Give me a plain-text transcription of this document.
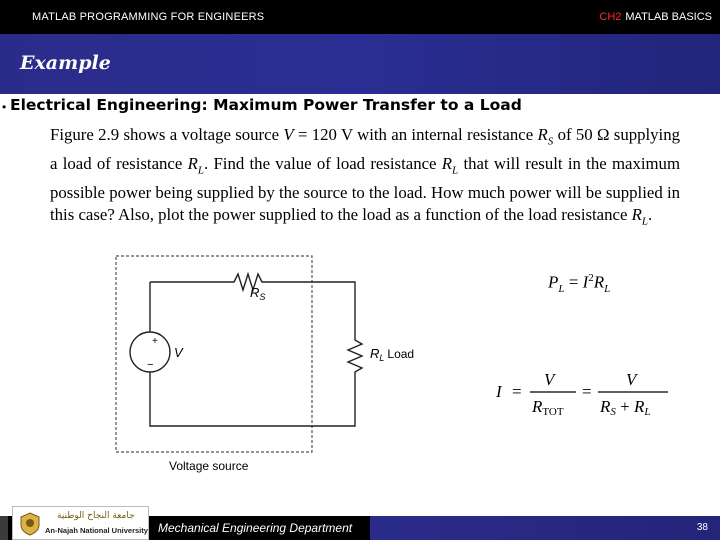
MATLAB PROGRAMMING FOR ENGINEERS	CH2 MATLAB BASICS
Example
• Electrical Engineering: Maximum Power Transfer to a Load
Figure 2.9 shows a voltage source V = 120 V with an internal resistance $R_S$ of 50 Ω supplying a load of resistance $R_L$. Find the value of load resistance $R_L$ that will result in the maximum possible power being supplied by the source to the load. How much power will be supplied in this case? Also, plot the power supplied to the load as a function of the load resistance $R_L$.
+
−
V
$R_S$
$R_L$ Load
Voltage source
$P_L = I^2R_L$
I =
V
RTOT
=
V
RS + RL
جامعة النجاح الوطنية
An-Najah National University Mechanical Engineering Department	38
